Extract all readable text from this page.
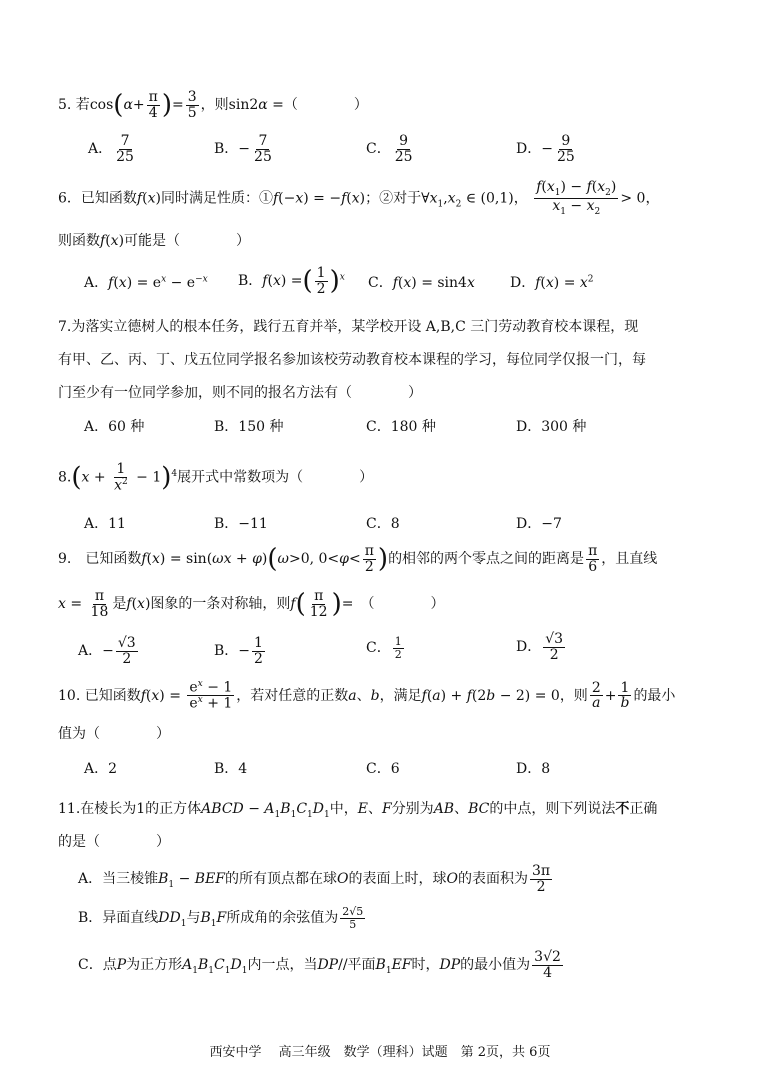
5. 若$\cos(\alpha+ \frac{\pi}{4}$ )= $\frac{3}{5}$ ，则sin2α =（　　　　）
A． $\frac{7}{25}$	B．− $\frac{7}{25}$	C． $\frac{9}{25}$	D．− $\frac{9}{25}$
6．已知函数f(x)同时满足性质：①f(−x) = −f(x)；②对于$\forall x_1,x_2$ ∈ (0,1)， $\frac{f(x_1) - f(x_2)}{x_1 - x_2} > 0$，
则函数f(x)可能是（　　　　）
A．$f(x) = e^x - e^{-x}$ B．f(x) =( $\frac{1}{2} )^x$ C．f(x) = sin4x	D．$f(x) = x^2$
7.为落实立德树人的根本任务，践行五育并举，某学校开设 A,B,C 三门劳动教育校本课程，现
有甲、乙、丙、丁、戊五位同学报名参加该校劳动教育校本课程的学习，每位同学仅报一门，每
门至少有一位同学参加，则不同的报名方法有（　　　　）
A．60 种	B．150 种	C．180 种	D．300 种
$8.(x + \frac{1}{x^2} - 1)^4$展开式中常数项为（　　　　）
A．11	B．−11	C．8	D．−7
9.　已知函数f(x) = sin(ωx + φ)(ω>0, $0<\varphi< \frac{\pi}{2}$ )的相邻的两个零点之间的距离是 $\frac{\pi}{6}$ ，且直线
$x = \frac{\pi}{18}$ 是f(x)图象的一条对称轴，则$f( \frac{\pi}{12}$ )=　（　　　　）
A．− $\frac{√3}{2}$	B．− $\frac{1}{2}$	C． $\frac{1}{2}$	D． $\frac{√3}{2}$
10. 已知函数$f(x) = \frac{e^x - 1}{e^x + 1}$ ，若对任意的正数a、b，满足f(a) + f(2b − 2) = 0，则 $\frac{2}{a} + \frac{1}{b}$ 的最小
值为（　　　　）
A．2	B．4	C．6	D．8
11.在棱长为1的正方体ABCD − $A_1B_1C_1D_1$中，E、F分别为AB、BC的中点，则下列说法不正确
的是（　　　　）
A．当三棱锥$B_1$ − BEF的所有顶点都在球O的表面上时，球O的表面积为 $\frac{3\pi}{2}$
B．异面直线$DD_1$与$B_1F$所成角的余弦值为 $\frac{2√5}{5}$
C．点P为正方形$A_1B_1C_1D_1$内一点，当DP//平面$B_1EF$时，DP的最小值为 $\frac{3√2}{4}$
西安中学　 高三年级　数学（理科）试题　第 2页，共 6页
